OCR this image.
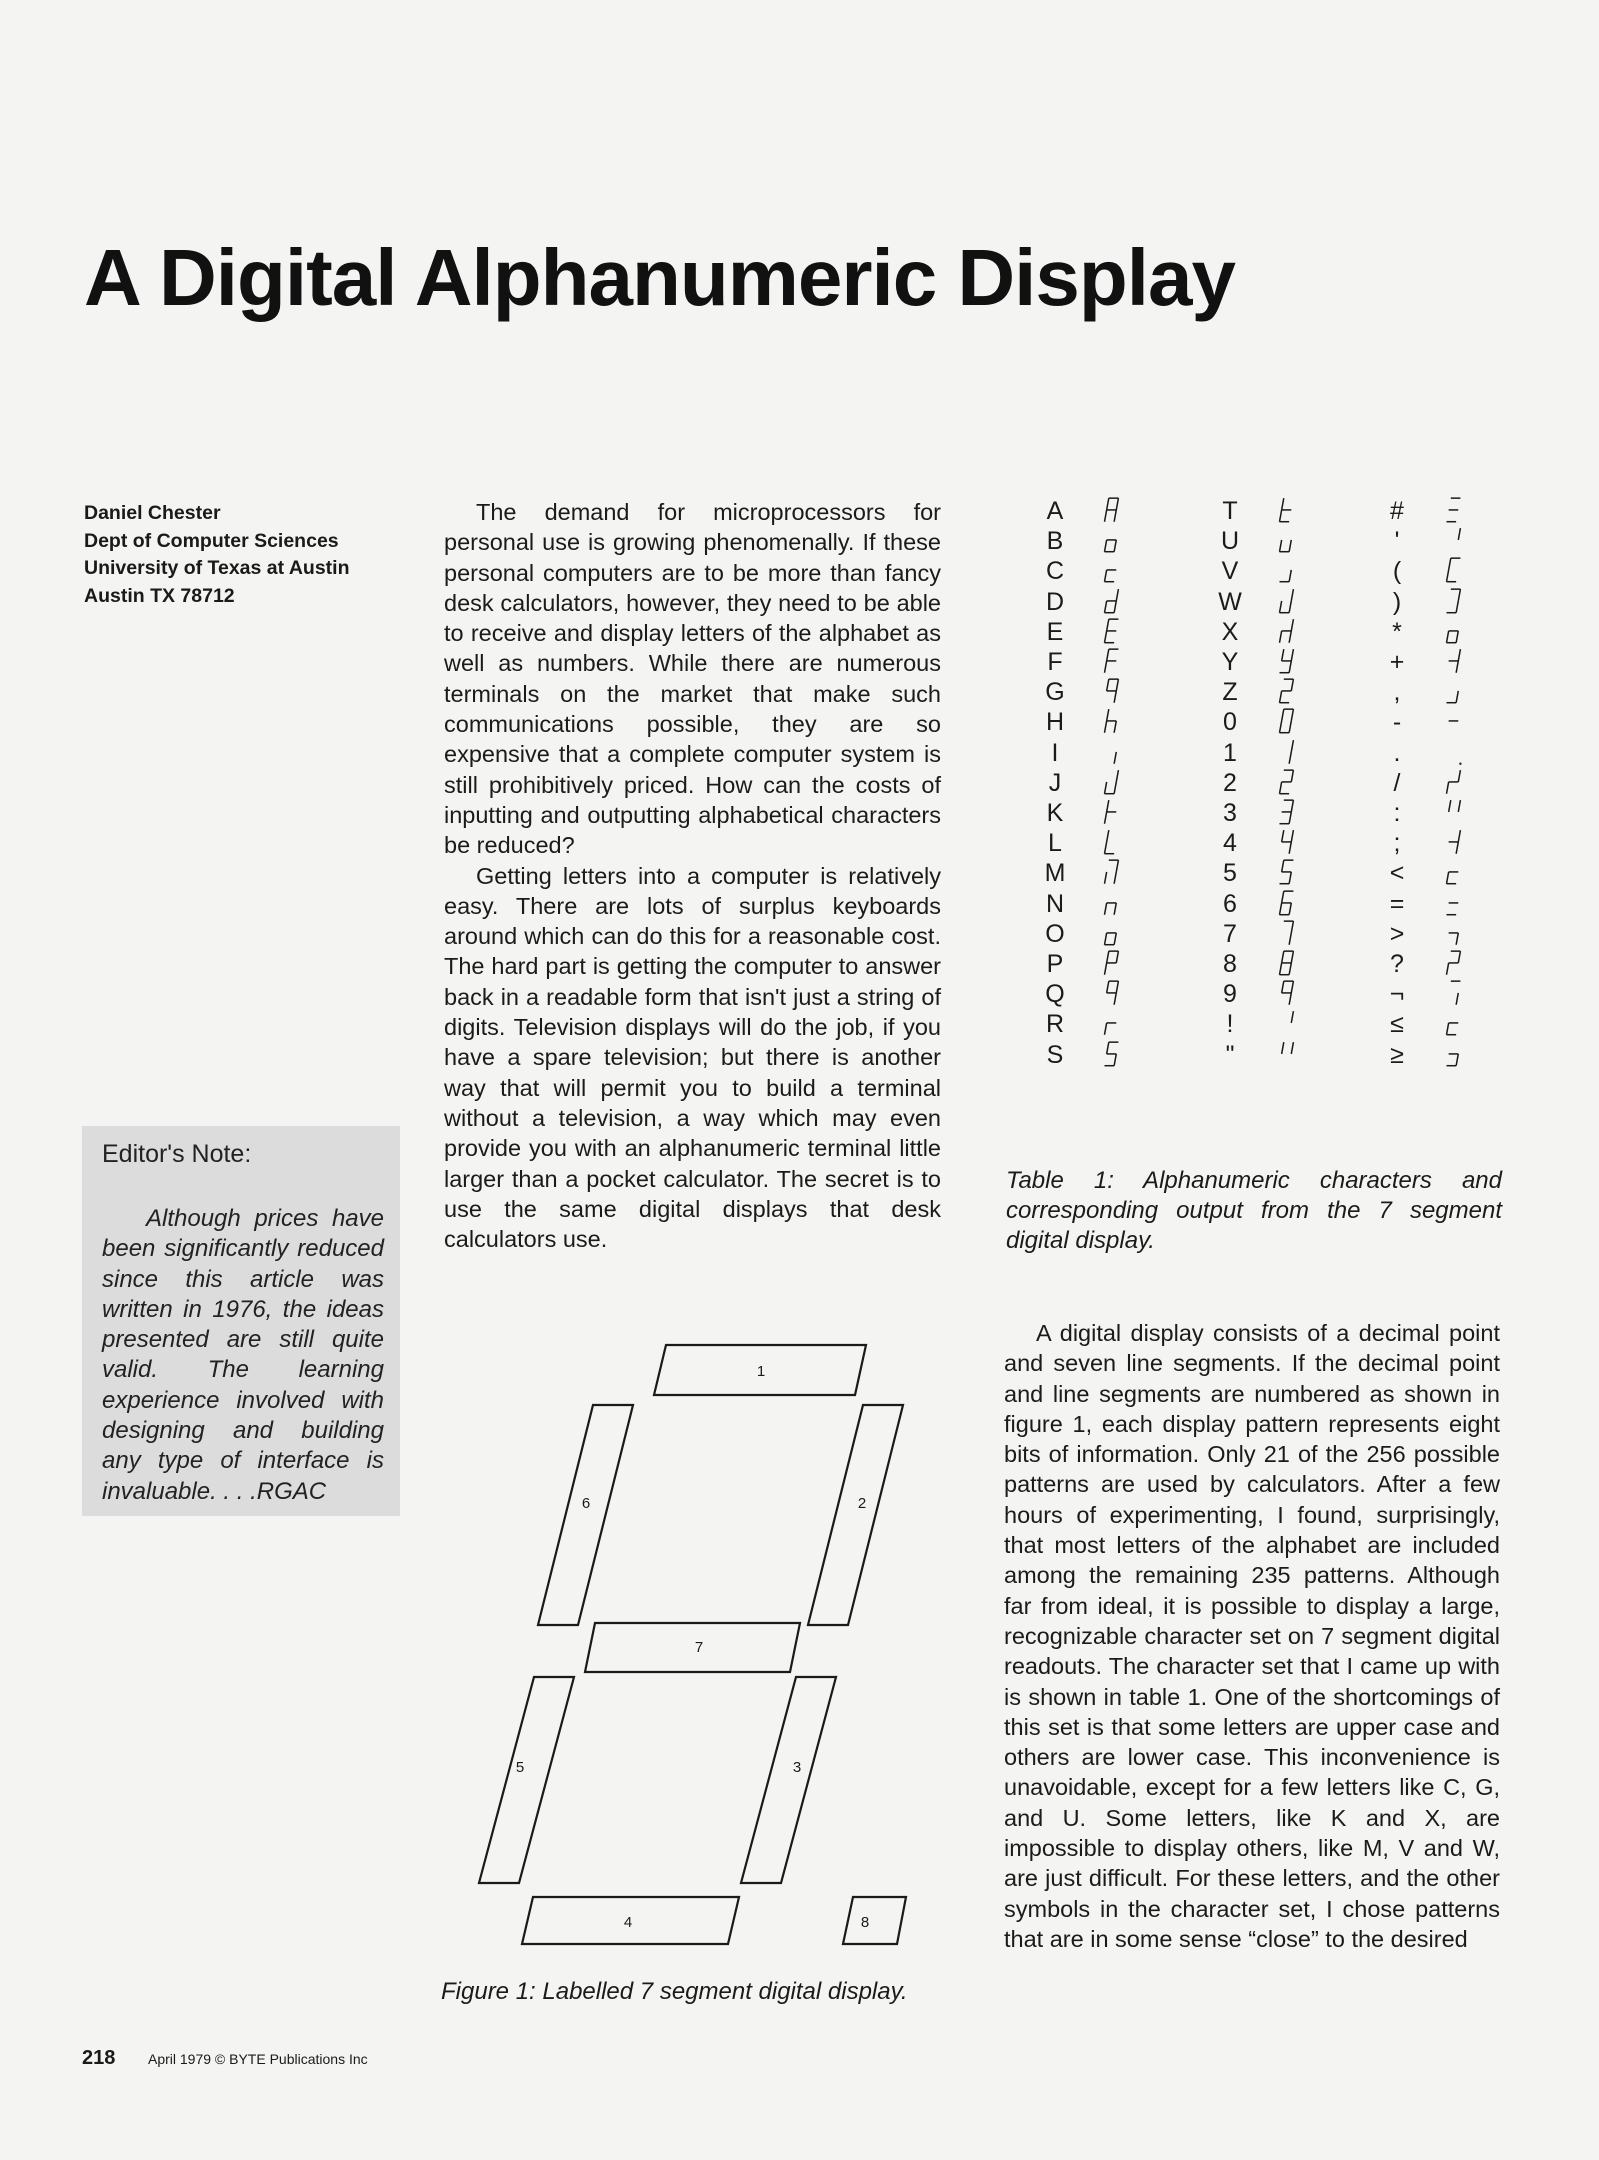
A Digital Alphanumeric Display
Daniel Chester
Dept of Computer Sciences
University of Texas at Austin
Austin TX 78712
Editor's Note:
Although prices have been significantly reduced since this article was written in 1976, the ideas presented are still quite valid. The learning experience involved with designing and building any type of interface is invaluable. . . .RGAC

The demand for microprocessors for personal use is growing phenomenally. If these personal computers are to be more than fancy desk calculators, however, they need to be able to receive and display letters of the alphabet as well as numbers. While there are numerous terminals on the market that make such communications possible, they are so expensive that a complete computer system is still prohibitively priced. How can the costs of inputting and outputting alphabetical characters be reduced?

Getting letters into a computer is relatively easy. There are lots of surplus keyboards around which can do this for a reasonable cost. The hard part is getting the computer to answer back in a readable form that isn't just a string of digits. Television displays will do the job, if you have a spare television; but there is another way that will permit you to build a terminal without a television, a way which may even provide you with an alphanumeric terminal little larger than a pocket calculator. The secret is to use the same digital displays that desk calculators use.

1
2
3
4
5
6
7
8
Figure 1: Labelled 7 segment digital display.
A
B
C
D
E
F
G
H
I
J
K
L
M
N
O
P
Q
R
S
T
U
V
W
X
Y
Z
0
1
2
3
4
5
6
7
8
9
!
"
#
'
(
)
*
+
,
-
.
/
:
;
<
=
>
?
¬
≤
≥
Table 1: Alphanumeric characters and corresponding output from the 7 segment digital display.

A digital display consists of a decimal point and seven line segments. If the decimal point and line segments are numbered as shown in figure 1, each display pattern represents eight bits of information. Only 21 of the 256 possible patterns are used by calculators. After a few hours of experimenting, I found, surprisingly, that most letters of the alphabet are included among the remaining 235 patterns. Although far from ideal, it is possible to display a large, recognizable character set on 7 segment digital readouts. The character set that I came up with is shown in table 1. One of the shortcomings of this set is that some letters are upper case and others are lower case. This inconvenience is unavoidable, except for a few letters like C, G, and U. Some letters, like K and X, are impossible to display others, like M, V and W, are just difficult. For these letters, and the other symbols in the character set, I chose patterns that are in some sense “close” to the desired

218 April 1979 © BYTE Publications Inc
